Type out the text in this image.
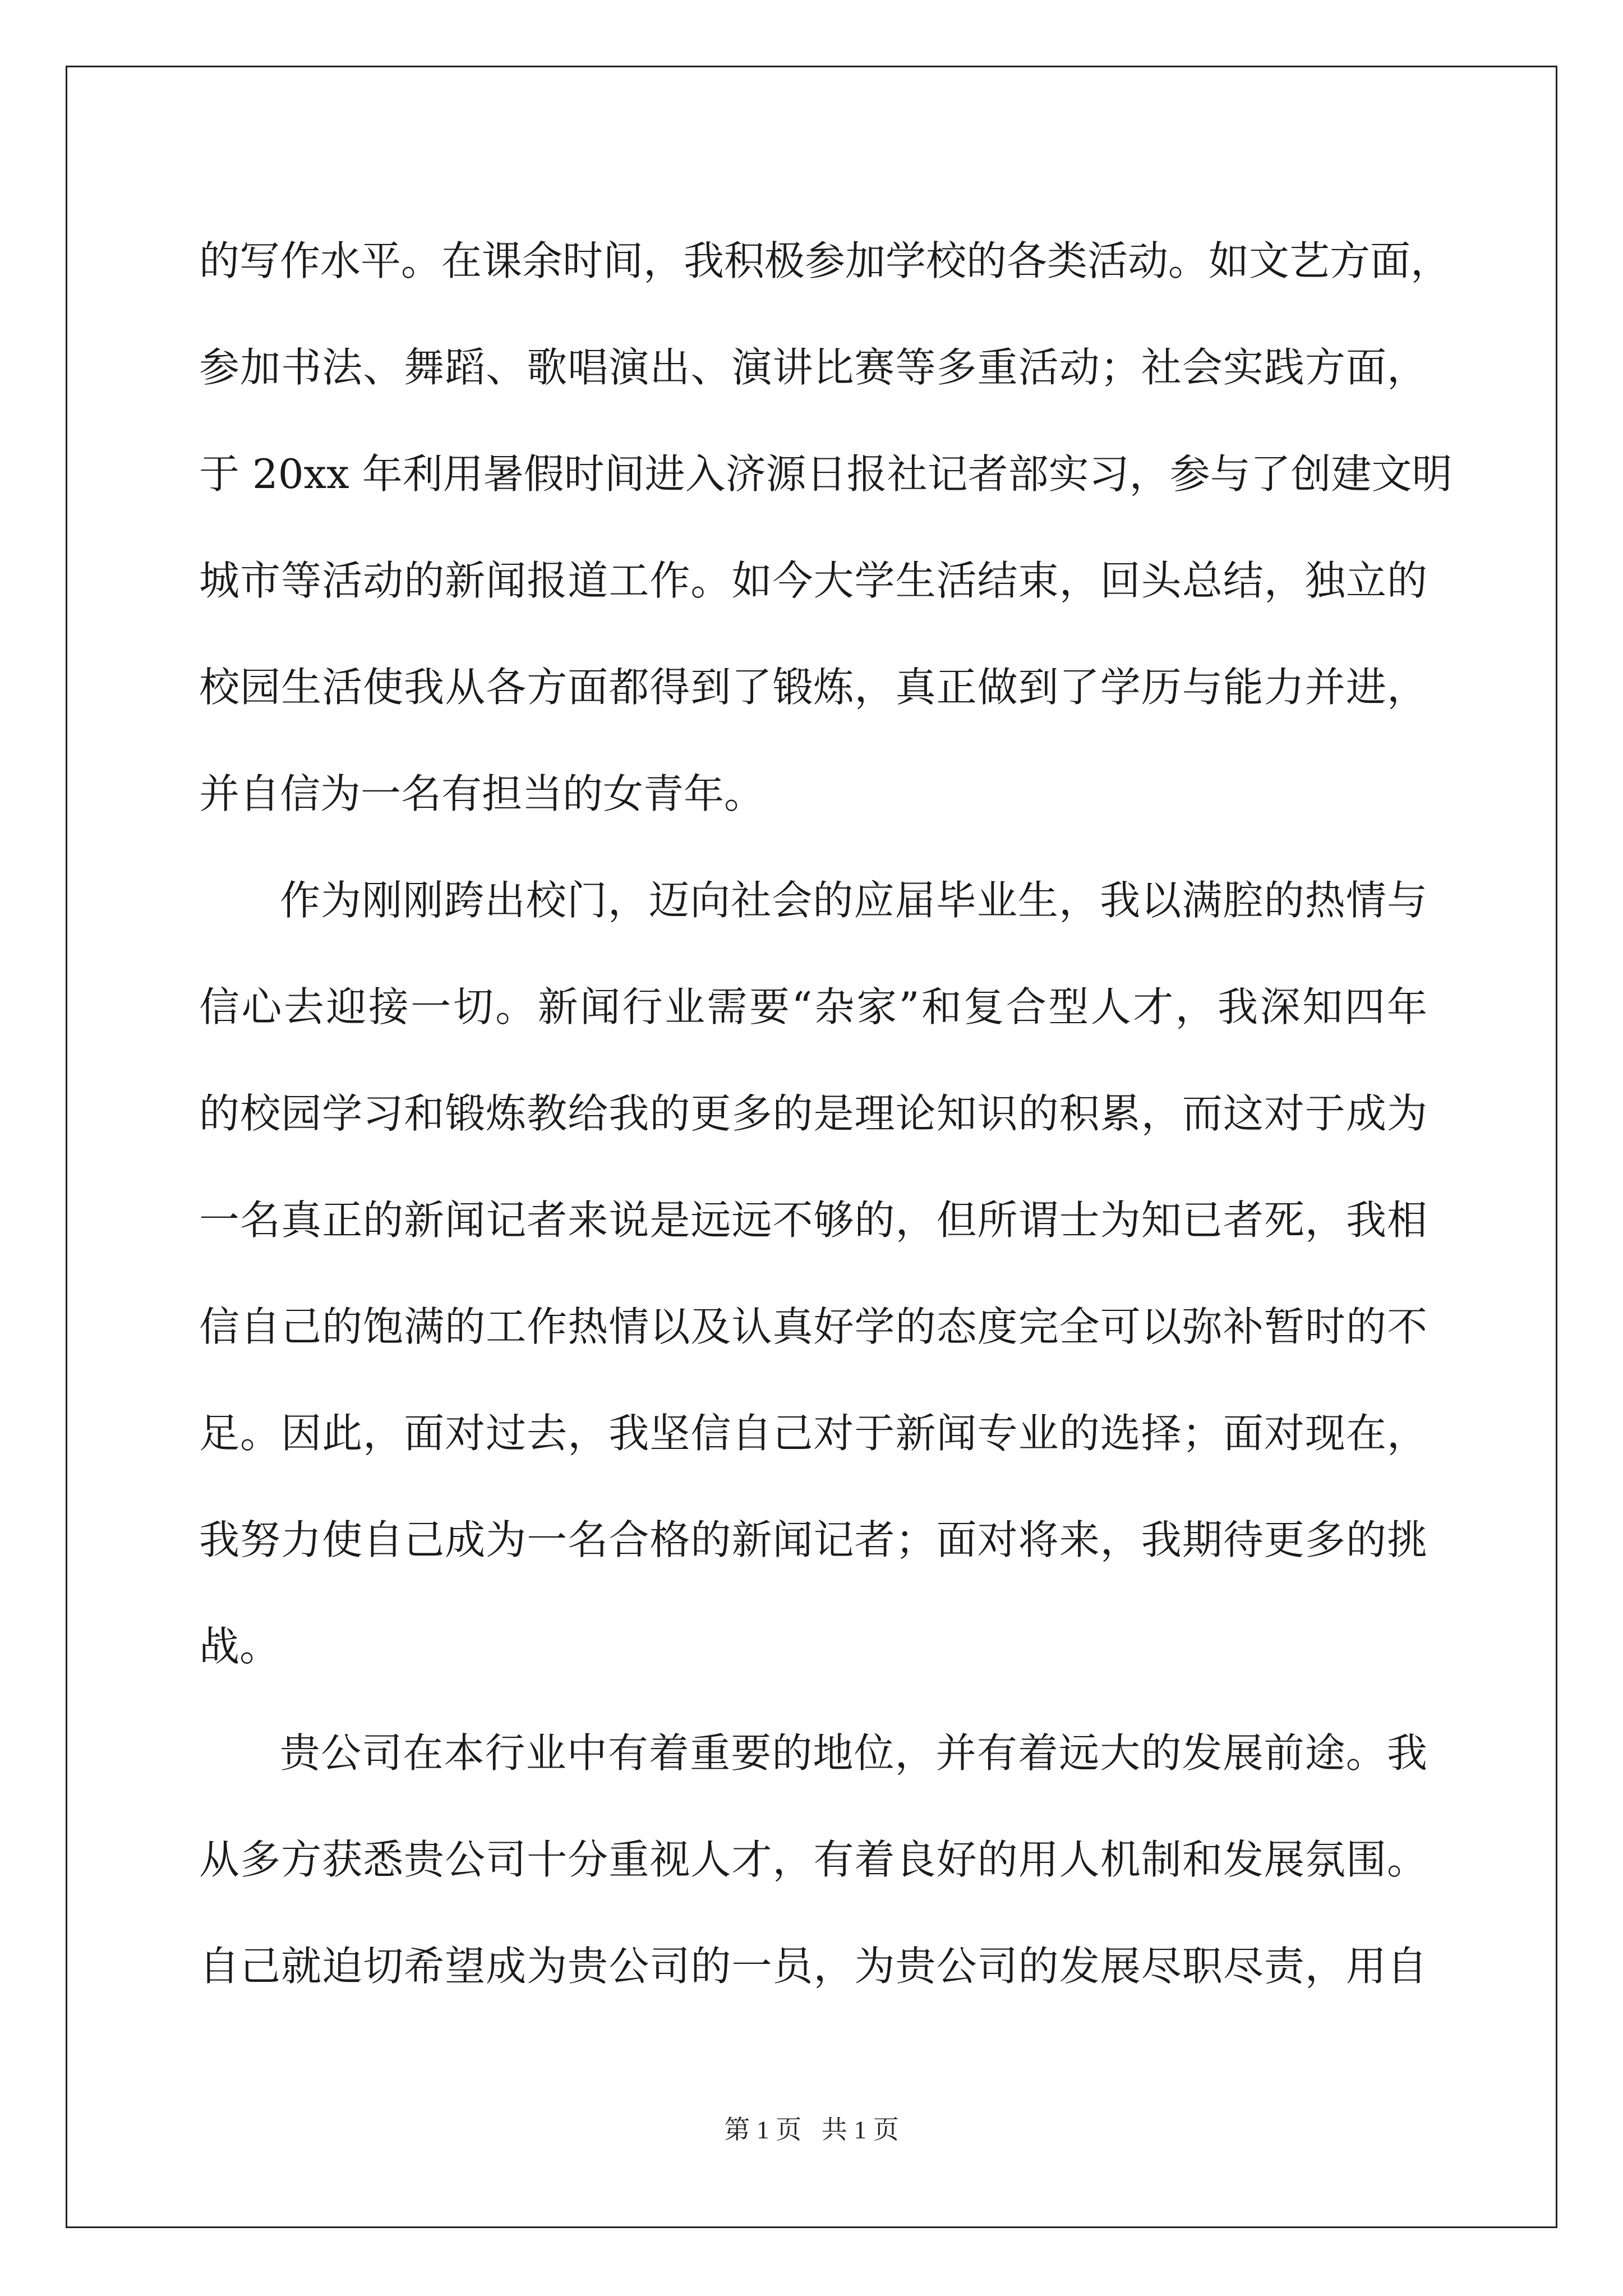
的写作水平。在课余时间，我积极参加学校的各类活动。如文艺方面，
参加书法、舞蹈、歌唱演出、演讲比赛等多重活动；社会实践方面，
于 20xx 年利用暑假时间进入济源日报社记者部实习，参与了创建文明
城市等活动的新闻报道工作。如今大学生活结束，回头总结，独立的
校园生活使我从各方面都得到了锻炼，真正做到了学历与能力并进，
并自信为一名有担当的女青年。
作为刚刚跨出校门，迈向社会的应届毕业生，我以满腔的热情与
信心去迎接一切。新闻行业需要“杂家”和复合型人才，我深知四年
的校园学习和锻炼教给我的更多的是理论知识的积累，而这对于成为
一名真正的新闻记者来说是远远不够的，但所谓士为知已者死，我相
信自己的饱满的工作热情以及认真好学的态度完全可以弥补暂时的不
足。因此，面对过去，我坚信自己对于新闻专业的选择；面对现在，
我努力使自己成为一名合格的新闻记者；面对将来，我期待更多的挑
战。
贵公司在本行业中有着重要的地位，并有着远大的发展前途。我
从多方获悉贵公司十分重视人才，有着良好的用人机制和发展氛围。
自己就迫切希望成为贵公司的一员，为贵公司的发展尽职尽责，用自
第 1 页 共 1 页
